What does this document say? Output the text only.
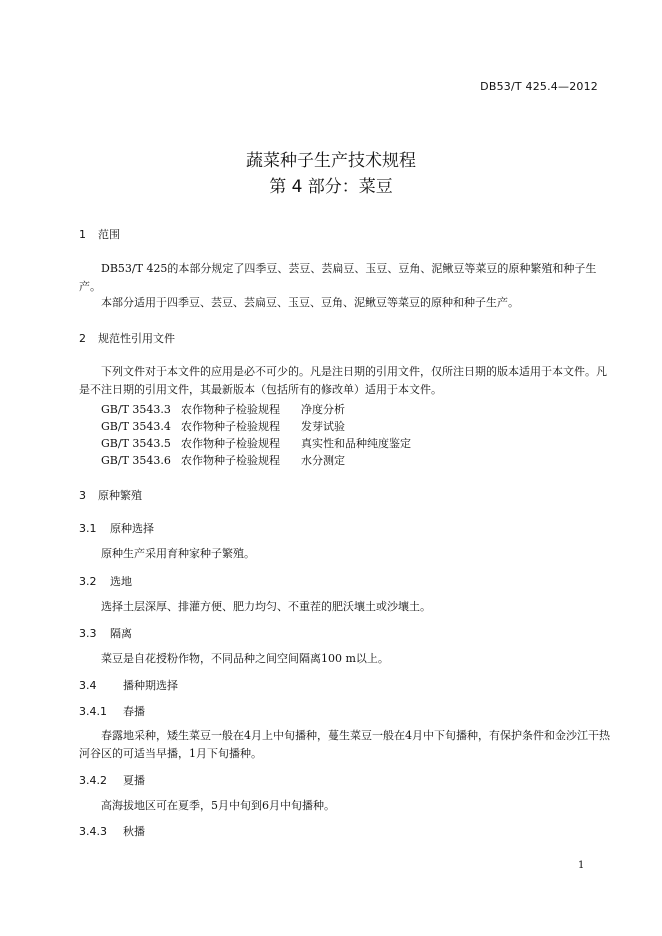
DB53/T 425.4—2012
蔬菜种子生产技术规程
第 4 部分：菜豆
1 范围
DB53/T 425的本部分规定了四季豆、芸豆、芸扁豆、玉豆、豆角、泥鳅豆等菜豆的原种繁殖和种子生产。
本部分适用于四季豆、芸豆、芸扁豆、玉豆、豆角、泥鳅豆等菜豆的原种和种子生产。
2 规范性引用文件
下列文件对于本文件的应用是必不可少的。凡是注日期的引用文件，仅所注日期的版本适用于本文件。凡是不注日期的引用文件，其最新版本（包括所有的修改单）适用于本文件。
GB/T 3543.3 农作物种子检验规程 净度分析
GB/T 3543.4 农作物种子检验规程 发芽试验
GB/T 3543.5 农作物种子检验规程 真实性和品种纯度鉴定
GB/T 3543.6 农作物种子检验规程 水分测定
3 原种繁殖
3.1 原种选择
原种生产采用育种家种子繁殖。
3.2 选地
选择土层深厚、排灌方便、肥力均匀、不重茬的肥沃壤土或沙壤土。
3.3 隔离
菜豆是自花授粉作物，不同品种之间空间隔离100 m以上。
3.4 播种期选择
3.4.1 春播
春露地采种，矮生菜豆一般在4月上中旬播种，蔓生菜豆一般在4月中下旬播种，有保护条件和金沙江干热河谷区的可适当早播，1月下旬播种。
3.4.2 夏播
高海拔地区可在夏季，5月中旬到6月中旬播种。
3.4.3 秋播
1
